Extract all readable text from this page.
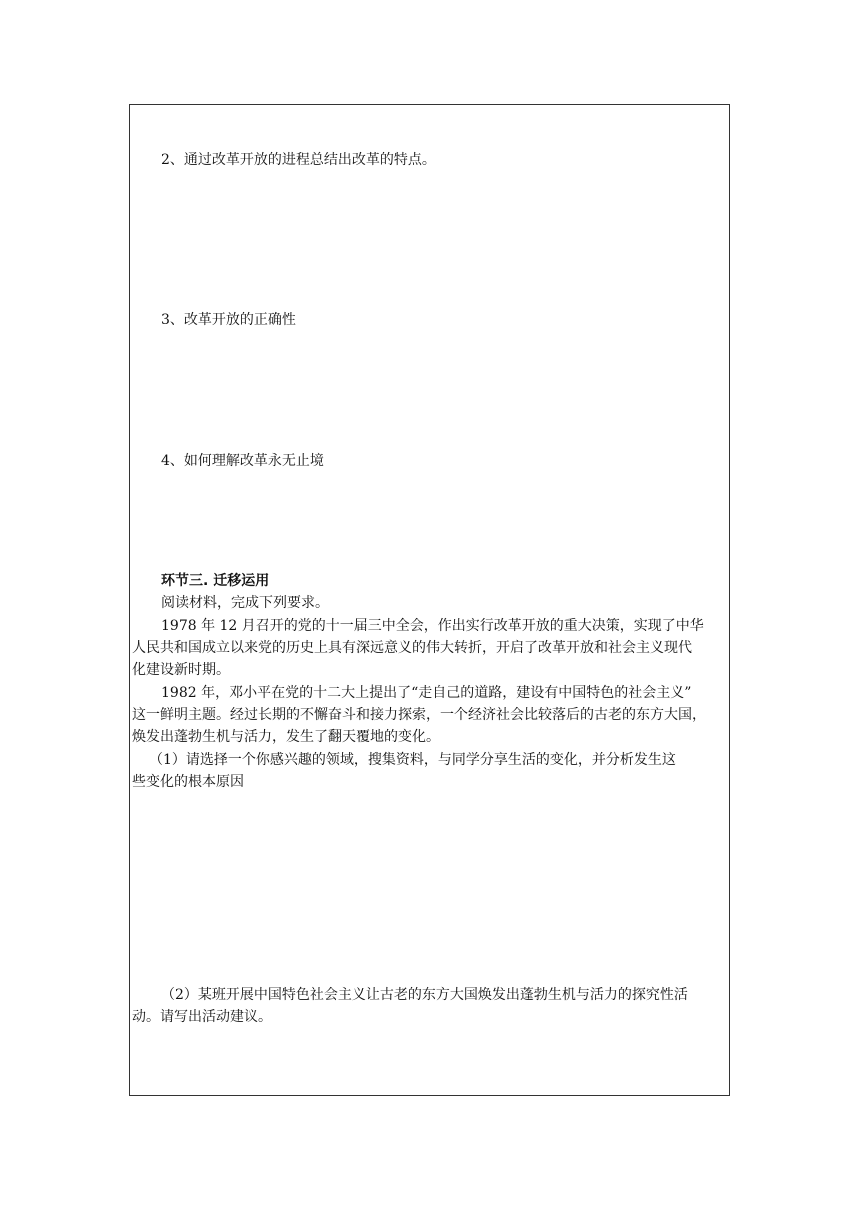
2、通过改革开放的进程总结出改革的特点。
3、改革开放的正确性
4、如何理解改革永无止境
环节三. 迁移运用
阅读材料，完成下列要求。
1978 年 12 月召开的党的十一届三中全会，作出实行改革开放的重大决策，实现了中华
人民共和国成立以来党的历史上具有深远意义的伟大转折，开启了改革开放和社会主义现代
化建设新时期。
1982 年，邓小平在党的十二大上提出了“走自己的道路，建设有中国特色的社会主义”
这一鲜明主题。经过长期的不懈奋斗和接力探索，一个经济社会比较落后的古老的东方大国，
焕发出蓬勃生机与活力，发生了翻天覆地的变化。
（1）请选择一个你感兴趣的领域，搜集资料，与同学分享生活的变化，并分析发生这
些变化的根本原因
（2）某班开展中国特色社会主义让古老的东方大国焕发出蓬勃生机与活力的探究性活
动。请写出活动建议。
